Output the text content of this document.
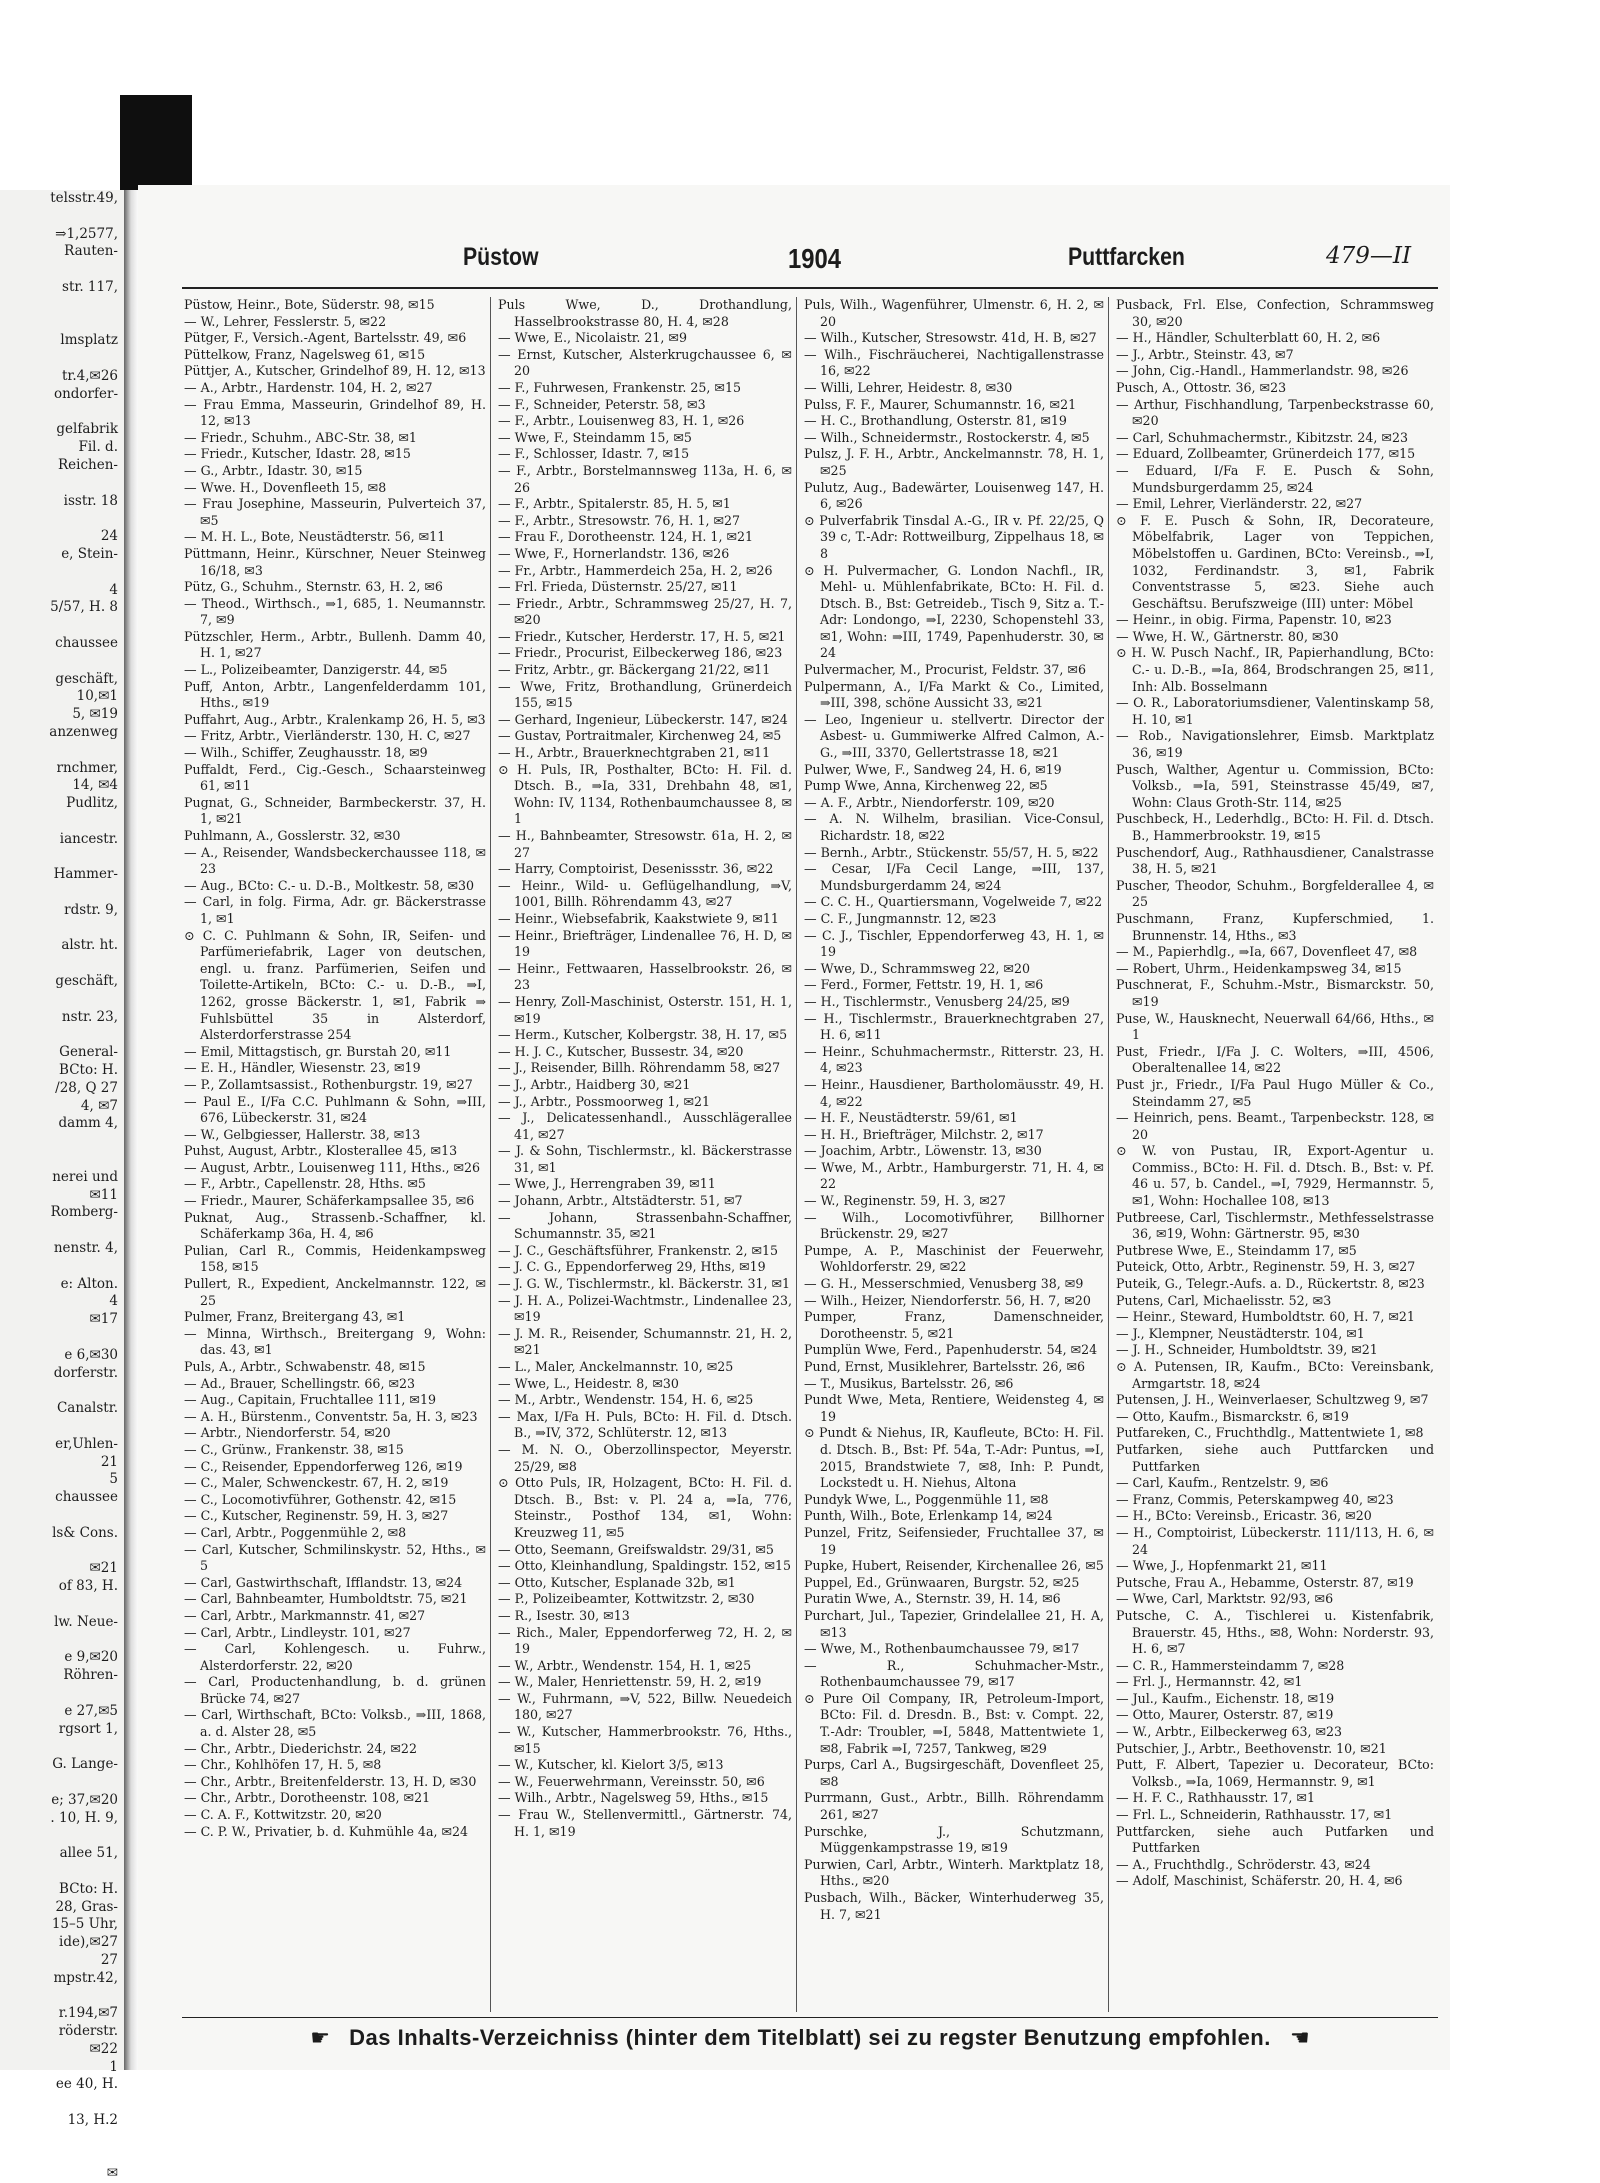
telsstr.49,

⇒1,2577,
Rauten-

str. 117,

lmsplatz

tr.4,✉26
ondorfer-

gelfabrik
Fil. d.
Reichen-

isstr. 18

24
e, Stein-

4
5/57, H. 8

chaussee

geschäft,
10,✉1
5, ✉19
anzenweg

rnchmer,
14, ✉4
Pudlitz,

iancestr.

Hammer-

rdstr. 9,

alstr. ht.

geschäft,

nstr. 23,

General-
BCto: H.
/28, Q 27
4, ✉7
damm 4,

nerei und
✉11
Romberg-

nenstr. 4,

e: Alton.
4
✉17

e 6,✉30
dorferstr.

Canalstr.

er,Uhlen-
21
5
chaussee

ls& Cons.

✉21
of 83, H.

lw. Neue-

e 9,✉20
Röhren-

e 27,✉5
rgsort 1,

G. Lange-

e; 37,✉20
. 10, H. 9,

allee 51,

BCto: H.
28, Gras-
15–5 Uhr,
ide),✉27
27
mpstr.42,

r.194,✉7
röderstr.
✉22
1
ee 40, H.

13, H.2

✉
Püstow	1904	Puttfarcken	479—II
Püstow, Heinr., Bote, Süderstr. 98, ✉15
— W., Lehrer, Fesslerstr. 5, ✉22
Pütger, F., Versich.-Agent, Bartelsstr. 49, ✉6
Püttelkow, Franz, Nagelsweg 61, ✉15
Püttjer, A., Kutscher, Grindelhof 89, H. 12, ✉13
— A., Arbtr., Hardenstr. 104, H. 2, ✉27
— Frau Emma, Masseurin, Grindelhof 89, H. 12, ✉13
— Friedr., Schuhm., ABC-Str. 38, ✉1
— Friedr., Kutscher, Idastr. 28, ✉15
— G., Arbtr., Idastr. 30, ✉15
— Wwe. H., Dovenfleeth 15, ✉8
— Frau Josephine, Masseurin, Pulverteich 37, ✉5
— M. H. L., Bote, Neustädterstr. 56, ✉11
Püttmann, Heinr., Kürschner, Neuer Steinweg 16/18, ✉3
Pütz, G., Schuhm., Sternstr. 63, H. 2, ✉6
— Theod., Wirthsch., ⇒1, 685, 1. Neumannstr. 7, ✉9
Pützschler, Herm., Arbtr., Bullenh. Damm 40, H. 1, ✉27
— L., Polizeibeamter, Danzigerstr. 44, ✉5
Puff, Anton, Arbtr., Langenfelderdamm 101, Hths., ✉19
Puffahrt, Aug., Arbtr., Kralenkamp 26, H. 5, ✉3
— Fritz, Arbtr., Vierländerstr. 130, H. C, ✉27
— Wilh., Schiffer, Zeughausstr. 18, ✉9
Puffaldt, Ferd., Cig.-Gesch., Schaarsteinweg 61, ✉11
Pugnat, G., Schneider, Barmbeckerstr. 37, H. 1, ✉21
Puhlmann, A., Gosslerstr. 32, ✉30
— A., Reisender, Wandsbeckerchaussee 118, ✉23
— Aug., BCto: C.- u. D.-B., Moltkestr. 58, ✉30
— Carl, in folg. Firma, Adr. gr. Bäckerstrasse 1, ✉1
⊙ C. C. Puhlmann & Sohn, IR, Seifen- und Parfümeriefabrik, Lager von deutschen, engl. u. franz. Parfümerien, Seifen und Toilette-Artikeln, BCto: C.- u. D.-B., ⇒I, 1262, grosse Bäckerstr. 1, ✉1, Fabrik ⇒ Fuhlsbüttel 35 in Alsterdorf, Alsterdorferstrasse 254
— Emil, Mittagstisch, gr. Burstah 20, ✉11
— E. H., Händler, Wiesenstr. 23, ✉19
— P., Zollamtsassist., Rothenburgstr. 19, ✉27
— Paul E., I/Fa C.C. Puhlmann & Sohn, ⇒III, 676, Lübeckerstr. 31, ✉24
— W., Gelbgiesser, Hallerstr. 38, ✉13
Puhst, August, Arbtr., Klosterallee 45, ✉13
— August, Arbtr., Louisenweg 111, Hths., ✉26
— F., Arbtr., Capellenstr. 28, Hths. ✉5
— Friedr., Maurer, Schäferkampsallee 35, ✉6
Puknat, Aug., Strassenb.-Schaffner, kl. Schäferkamp 36a, H. 4, ✉6
Pulian, Carl R., Commis, Heidenkampsweg 158, ✉15
Pullert, R., Expedient, Anckelmannstr. 122, ✉25
Pulmer, Franz, Breitergang 43, ✉1
— Minna, Wirthsch., Breitergang 9, Wohn: das. 43, ✉1
Puls, A., Arbtr., Schwabenstr. 48, ✉15
— Ad., Brauer, Schellingstr. 66, ✉23
— Aug., Capitain, Fruchtallee 111, ✉19
— A. H., Bürstenm., Conventstr. 5a, H. 3, ✉23
— Arbtr., Niendorferstr. 54, ✉20
— C., Grünw., Frankenstr. 38, ✉15
— C., Reisender, Eppendorferweg 126, ✉19
— C., Maler, Schwenckestr. 67, H. 2, ✉19
— C., Locomotivführer, Gothenstr. 42, ✉15
— C., Kutscher, Reginenstr. 59, H. 3, ✉27
— Carl, Arbtr., Poggenmühle 2, ✉8
— Carl, Kutscher, Schmilinskystr. 52, Hths., ✉5
— Carl, Gastwirthschaft, Ifflandstr. 13, ✉24
— Carl, Bahnbeamter, Humboldtstr. 75, ✉21
— Carl, Arbtr., Markmannstr. 41, ✉27
— Carl, Arbtr., Lindleystr. 101, ✉27
— Carl, Kohlengesch. u. Fuhrw., Alsterdorferstr. 22, ✉20
— Carl, Productenhandlung, b. d. grünen Brücke 74, ✉27
— Carl, Wirthschaft, BCto: Volksb., ⇒III, 1868, a. d. Alster 28, ✉5
— Chr., Arbtr., Diederichstr. 24, ✉22
— Chr., Kohlhöfen 17, H. 5, ✉8
— Chr., Arbtr., Breitenfelderstr. 13, H. D, ✉30
— Chr., Arbtr., Dorotheenstr. 108, ✉21
— C. A. F., Kottwitzstr. 20, ✉20
— C. P. W., Privatier, b. d. Kuhmühle 4a, ✉24
Puls Wwe, D., Drothandlung, Hasselbrookstrasse 80, H. 4, ✉28
— Wwe, E., Nicolaistr. 21, ✉9
— Ernst, Kutscher, Alsterkrugchaussee 6, ✉20
— F., Fuhrwesen, Frankenstr. 25, ✉15
— F., Schneider, Peterstr. 58, ✉3
— F., Arbtr., Louisenweg 83, H. 1, ✉26
— Wwe, F., Steindamm 15, ✉5
— F., Schlosser, Idastr. 7, ✉15
— F., Arbtr., Borstelmannsweg 113a, H. 6, ✉26
— F., Arbtr., Spitalerstr. 85, H. 5, ✉1
— F., Arbtr., Stresowstr. 76, H. 1, ✉27
— Frau F., Dorotheenstr. 124, H. 1, ✉21
— Wwe, F., Hornerlandstr. 136, ✉26
— Fr., Arbtr., Hammerdeich 25a, H. 2, ✉26
— Frl. Frieda, Düsternstr. 25/27, ✉11
— Friedr., Arbtr., Schrammsweg 25/27, H. 7, ✉20
— Friedr., Kutscher, Herderstr. 17, H. 5, ✉21
— Friedr., Procurist, Eilbeckerweg 186, ✉23
— Fritz, Arbtr., gr. Bäckergang 21/22, ✉11
— Wwe, Fritz, Brothandlung, Grünerdeich 155, ✉15
— Gerhard, Ingenieur, Lübeckerstr. 147, ✉24
— Gustav, Portraitmaler, Kirchenweg 24, ✉5
— H., Arbtr., Brauerknechtgraben 21, ✉11
⊙ H. Puls, IR, Posthalter, BCto: H. Fil. d. Dtsch. B., ⇒Ia, 331, Drehbahn 48, ✉1, Wohn: IV, 1134, Rothenbaumchaussee 8, ✉1
— H., Bahnbeamter, Stresowstr. 61a, H. 2, ✉27
— Harry, Comptoirist, Desenissstr. 36, ✉22
— Heinr., Wild- u. Geflügelhandlung, ⇒V, 1001, Billh. Röhrendamm 43, ✉27
— Heinr., Wiebsefabrik, Kaakstwiete 9, ✉11
— Heinr., Briefträger, Lindenallee 76, H. D, ✉19
— Heinr., Fettwaaren, Hasselbrookstr. 26, ✉23
— Henry, Zoll-Maschinist, Osterstr. 151, H. 1, ✉19
— Herm., Kutscher, Kolbergstr. 38, H. 17, ✉5
— H. J. C., Kutscher, Bussestr. 34, ✉20
— J., Reisender, Billh. Röhrendamm 58, ✉27
— J., Arbtr., Haidberg 30, ✉21
— J., Arbtr., Possmoorweg 1, ✉21
— J., Delicatessenhandl., Ausschlägerallee 41, ✉27
— J. & Sohn, Tischlermstr., kl. Bäckerstrasse 31, ✉1
— Wwe, J., Herrengraben 39, ✉11
— Johann, Arbtr., Altstädterstr. 51, ✉7
— Johann, Strassenbahn-Schaffner, Schumannstr. 35, ✉21
— J. C., Geschäftsführer, Frankenstr. 2, ✉15
— J. C. G., Eppendorferweg 29, Hths, ✉19
— J. G. W., Tischlermstr., kl. Bäckerstr. 31, ✉1
— J. H. A., Polizei-Wachtmstr., Lindenallee 23, ✉19
— J. M. R., Reisender, Schumannstr. 21, H. 2, ✉21
— L., Maler, Anckelmannstr. 10, ✉25
— Wwe, L., Heidestr. 8, ✉30
— M., Arbtr., Wendenstr. 154, H. 6, ✉25
— Max, I/Fa H. Puls, BCto: H. Fil. d. Dtsch. B., ⇒IV, 372, Schlüterstr. 12, ✉13
— M. N. O., Oberzollinspector, Meyerstr. 25/29, ✉8
⊙ Otto Puls, IR, Holzagent, BCto: H. Fil. d. Dtsch. B., Bst: v. Pl. 24 a, ⇒Ia, 776, Steinstr., Posthof 134, ✉1, Wohn: Kreuzweg 11, ✉5
— Otto, Seemann, Greifswaldstr. 29/31, ✉5
— Otto, Kleinhandlung, Spaldingstr. 152, ✉15
— Otto, Kutscher, Esplanade 32b, ✉1
— P., Polizeibeamter, Kottwitzstr. 2, ✉30
— R., Isestr. 30, ✉13
— Rich., Maler, Eppendorferweg 72, H. 2, ✉19
— W., Arbtr., Wendenstr. 154, H. 1, ✉25
— W., Maler, Henriettenstr. 59, H. 2, ✉19
— W., Fuhrmann, ⇒V, 522, Billw. Neuedeich 180, ✉27
— W., Kutscher, Hammerbrookstr. 76, Hths., ✉15
— W., Kutscher, kl. Kielort 3/5, ✉13
— W., Feuerwehrmann, Vereinsstr. 50, ✉6
— Wilh., Arbtr., Nagelsweg 59, Hths., ✉15
— Frau W., Stellenvermittl., Gärtnerstr. 74, H. 1, ✉19
Puls, Wilh., Wagenführer, Ulmenstr. 6, H. 2, ✉20
— Wilh., Kutscher, Stresowstr. 41d, H. B, ✉27
— Wilh., Fischräucherei, Nachtigallenstrasse 16, ✉22
— Willi, Lehrer, Heidestr. 8, ✉30
Pulss, F. F., Maurer, Schumannstr. 16, ✉21
— H. C., Brothandlung, Osterstr. 81, ✉19
— Wilh., Schneidermstr., Rostockerstr. 4, ✉5
Pulsz, J. F. H., Arbtr., Anckelmannstr. 78, H. 1, ✉25
Pulutz, Aug., Badewärter, Louisenweg 147, H. 6, ✉26
⊙ Pulverfabrik Tinsdal A.-G., IR v. Pf. 22/25, Q 39 c, T.-Adr: Rottweilburg, Zippelhaus 18, ✉8
⊙ H. Pulvermacher, G. London Nachfl., IR, Mehl- u. Mühlenfabrikate, BCto: H. Fil. d. Dtsch. B., Bst: Getreideb., Tisch 9, Sitz a. T.-Adr: Londongo, ⇒I, 2230, Schopenstehl 33, ✉1, Wohn: ⇒III, 1749, Papenhuderstr. 30, ✉24
Pulvermacher, M., Procurist, Feldstr. 37, ✉6
Pulpermann, A., I/Fa Markt & Co., Limited, ⇒III, 398, schöne Aussicht 33, ✉21
— Leo, Ingenieur u. stellvertr. Director der Asbest- u. Gummiwerke Alfred Calmon, A.-G., ⇒III, 3370, Gellertstrasse 18, ✉21
Pulwer, Wwe, F., Sandweg 24, H. 6, ✉19
Pump Wwe, Anna, Kirchenweg 22, ✉5
— A. F., Arbtr., Niendorferstr. 109, ✉20
— A. N. Wilhelm, brasilian. Vice-Consul, Richardstr. 18, ✉22
— Bernh., Arbtr., Stückenstr. 55/57, H. 5, ✉22
— Cesar, I/Fa Cecil Lange, ⇒III, 137, Mundsburgerdamm 24, ✉24
— C. C. H., Quartiersmann, Vogelweide 7, ✉22
— C. F., Jungmannstr. 12, ✉23
— C. J., Tischler, Eppendorferweg 43, H. 1, ✉19
— Wwe, D., Schrammsweg 22, ✉20
— Ferd., Former, Fettstr. 19, H. 1, ✉6
— H., Tischlermstr., Venusberg 24/25, ✉9
— H., Tischlermstr., Brauerknechtgraben 27, H. 6, ✉11
— Heinr., Schuhmachermstr., Ritterstr. 23, H. 4, ✉23
— Heinr., Hausdiener, Bartholomäusstr. 49, H. 4, ✉22
— H. F., Neustädterstr. 59/61, ✉1
— H. H., Briefträger, Milchstr. 2, ✉17
— Joachim, Arbtr., Löwenstr. 13, ✉30
— Wwe, M., Arbtr., Hamburgerstr. 71, H. 4, ✉22
— W., Reginenstr. 59, H. 3, ✉27
— Wilh., Locomotivführer, Billhorner Brückenstr. 29, ✉27
Pumpe, A. P., Maschinist der Feuerwehr, Wohldorferstr. 29, ✉22
— G. H., Messerschmied, Venusberg 38, ✉9
— Wilh., Heizer, Niendorferstr. 56, H. 7, ✉20
Pumper, Franz, Damenschneider, Dorotheenstr. 5, ✉21
Pumplün Wwe, Ferd., Papenhuderstr. 54, ✉24
Pund, Ernst, Musiklehrer, Bartelsstr. 26, ✉6
— T., Musikus, Bartelsstr. 26, ✉6
Pundt Wwe, Meta, Rentiere, Weidensteg 4, ✉19
⊙ Pundt & Niehus, IR, Kaufleute, BCto: H. Fil. d. Dtsch. B., Bst: Pf. 54a, T.-Adr: Puntus, ⇒I, 2015, Brandstwiete 7, ✉8, Inh: P. Pundt, Lockstedt u. H. Niehus, Altona
Pundyk Wwe, L., Poggenmühle 11, ✉8
Punth, Wilh., Bote, Erlenkamp 14, ✉24
Punzel, Fritz, Seifensieder, Fruchtallee 37, ✉19
Pupke, Hubert, Reisender, Kirchenallee 26, ✉5
Puppel, Ed., Grünwaaren, Burgstr. 52, ✉25
Puratin Wwe, A., Sternstr. 39, H. 14, ✉6
Purchart, Jul., Tapezier, Grindelallee 21, H. A, ✉13
— Wwe, M., Rothenbaumchaussee 79, ✉17
— R., Schuhmacher-Mstr., Rothenbaumchaussee 79, ✉17
⊙ Pure Oil Company, IR, Petroleum-Import, BCto: Fil. d. Dresdn. B., Bst: v. Compt. 22, T.-Adr: Troubler, ⇒I, 5848, Mattentwiete 1, ✉8, Fabrik ⇒I, 7257, Tankweg, ✉29
Purps, Carl A., Bugsirgeschäft, Dovenfleet 25, ✉8
Purrmann, Gust., Arbtr., Billh. Röhrendamm 261, ✉27
Purschke, J., Schutzmann, Müggenkampstrasse 19, ✉19
Purwien, Carl, Arbtr., Winterh. Marktplatz 18, Hths., ✉20
Pusbach, Wilh., Bäcker, Winterhuderweg 35, H. 7, ✉21
Pusback, Frl. Else, Confection, Schrammsweg 30, ✉20
— H., Händler, Schulterblatt 60, H. 2, ✉6
— J., Arbtr., Steinstr. 43, ✉7
— John, Cig.-Handl., Hammerlandstr. 98, ✉26
Pusch, A., Ottostr. 36, ✉23
— Arthur, Fischhandlung, Tarpenbeckstrasse 60, ✉20
— Carl, Schuhmachermstr., Kibitzstr. 24, ✉23
— Eduard, Zollbeamter, Grünerdeich 177, ✉15
— Eduard, I/Fa F. E. Pusch & Sohn, Mundsburgerdamm 25, ✉24
— Emil, Lehrer, Vierländerstr. 22, ✉27
⊙ F. E. Pusch & Sohn, IR, Decorateure, Möbelfabrik, Lager von Teppichen, Möbelstoffen u. Gardinen, BCto: Vereinsb., ⇒I, 1032, Ferdinandstr. 3, ✉1, Fabrik Conventstrasse 5, ✉23. Siehe auch Geschäftsu. Berufszweige (III) unter: Möbel
— Heinr., in obig. Firma, Papenstr. 10, ✉23
— Wwe, H. W., Gärtnerstr. 80, ✉30
⊙ H. W. Pusch Nachf., IR, Papierhandlung, BCto: C.- u. D.-B., ⇒Ia, 864, Brodschrangen 25, ✉11, Inh: Alb. Bosselmann
— O. R., Laboratoriumsdiener, Valentinskamp 58, H. 10, ✉1
— Rob., Navigationslehrer, Eimsb. Marktplatz 36, ✉19
Pusch, Walther, Agentur u. Commission, BCto: Volksb., ⇒Ia, 591, Steinstrasse 45/49, ✉7, Wohn: Claus Groth-Str. 114, ✉25
Puschbeck, H., Lederhdlg., BCto: H. Fil. d. Dtsch. B., Hammerbrookstr. 19, ✉15
Puschendorf, Aug., Rathhausdiener, Canalstrasse 38, H. 5, ✉21
Puscher, Theodor, Schuhm., Borgfelderallee 4, ✉25
Puschmann, Franz, Kupferschmied, 1. Brunnenstr. 14, Hths., ✉3
— M., Papierhdlg., ⇒Ia, 667, Dovenfleet 47, ✉8
— Robert, Uhrm., Heidenkampsweg 34, ✉15
Puschnerat, F., Schuhm.-Mstr., Bismarckstr. 50, ✉19
Puse, W., Hausknecht, Neuerwall 64/66, Hths., ✉1
Pust, Friedr., I/Fa J. C. Wolters, ⇒III, 4506, Oberaltenallee 14, ✉22
Pust jr., Friedr., I/Fa Paul Hugo Müller & Co., Steindamm 27, ✉5
— Heinrich, pens. Beamt., Tarpenbeckstr. 128, ✉20
⊙ W. von Pustau, IR, Export-Agentur u. Commiss., BCto: H. Fil. d. Dtsch. B., Bst: v. Pf. 46 u. 57, b. Candel., ⇒I, 7929, Hermannstr. 5, ✉1, Wohn: Hochallee 108, ✉13
Putbreese, Carl, Tischlermstr., Methfesselstrasse 36, ✉19, Wohn: Gärtnerstr. 95, ✉30
Putbrese Wwe, E., Steindamm 17, ✉5
Puteick, Otto, Arbtr., Reginenstr. 59, H. 3, ✉27
Puteik, G., Telegr.-Aufs. a. D., Rückertstr. 8, ✉23
Putens, Carl, Michaelisstr. 52, ✉3
— Heinr., Steward, Humboldtstr. 60, H. 7, ✉21
— J., Klempner, Neustädterstr. 104, ✉1
— J. H., Schneider, Humboldtstr. 39, ✉21
⊙ A. Putensen, IR, Kaufm., BCto: Vereinsbank, Armgartstr. 18, ✉24
Putensen, J. H., Weinverlaeser, Schultzweg 9, ✉7
— Otto, Kaufm., Bismarckstr. 6, ✉19
Putfareken, C., Fruchthdlg., Mattentwiete 1, ✉8
Putfarken, siehe auch Puttfarcken und Puttfarken
— Carl, Kaufm., Rentzelstr. 9, ✉6
— Franz, Commis, Peterskampweg 40, ✉23
— H., BCto: Vereinsb., Ericastr. 36, ✉20
— H., Comptoirist, Lübeckerstr. 111/113, H. 6, ✉24
— Wwe, J., Hopfenmarkt 21, ✉11
Putsche, Frau A., Hebamme, Osterstr. 87, ✉19
— Wwe, Carl, Marktstr. 92/93, ✉6
Putsche, C. A., Tischlerei u. Kistenfabrik, Brauerstr. 45, Hths., ✉8, Wohn: Norderstr. 93, H. 6, ✉7
— C. R., Hammersteindamm 7, ✉28
— Frl. J., Hermannstr. 42, ✉1
— Jul., Kaufm., Eichenstr. 18, ✉19
— Otto, Maurer, Osterstr. 87, ✉19
— W., Arbtr., Eilbeckerweg 63, ✉23
Putschier, J., Arbtr., Beethovenstr. 10, ✉21
Putt, F. Albert, Tapezier u. Decorateur, BCto: Volksb., ⇒Ia, 1069, Hermannstr. 9, ✉1
— H. F. C., Rathhausstr. 17, ✉1
— Frl. L., Schneiderin, Rathhausstr. 17, ✉1
Puttfarcken, siehe auch Putfarken und Puttfarken
— A., Fruchthdlg., Schröderstr. 43, ✉24
— Adolf, Maschinist, Schäferstr. 20, H. 4, ✉6
☛ Das Inhalts-Verzeichniss (hinter dem Titelblatt) sei zu regster Benutzung empfohlen. ☚
